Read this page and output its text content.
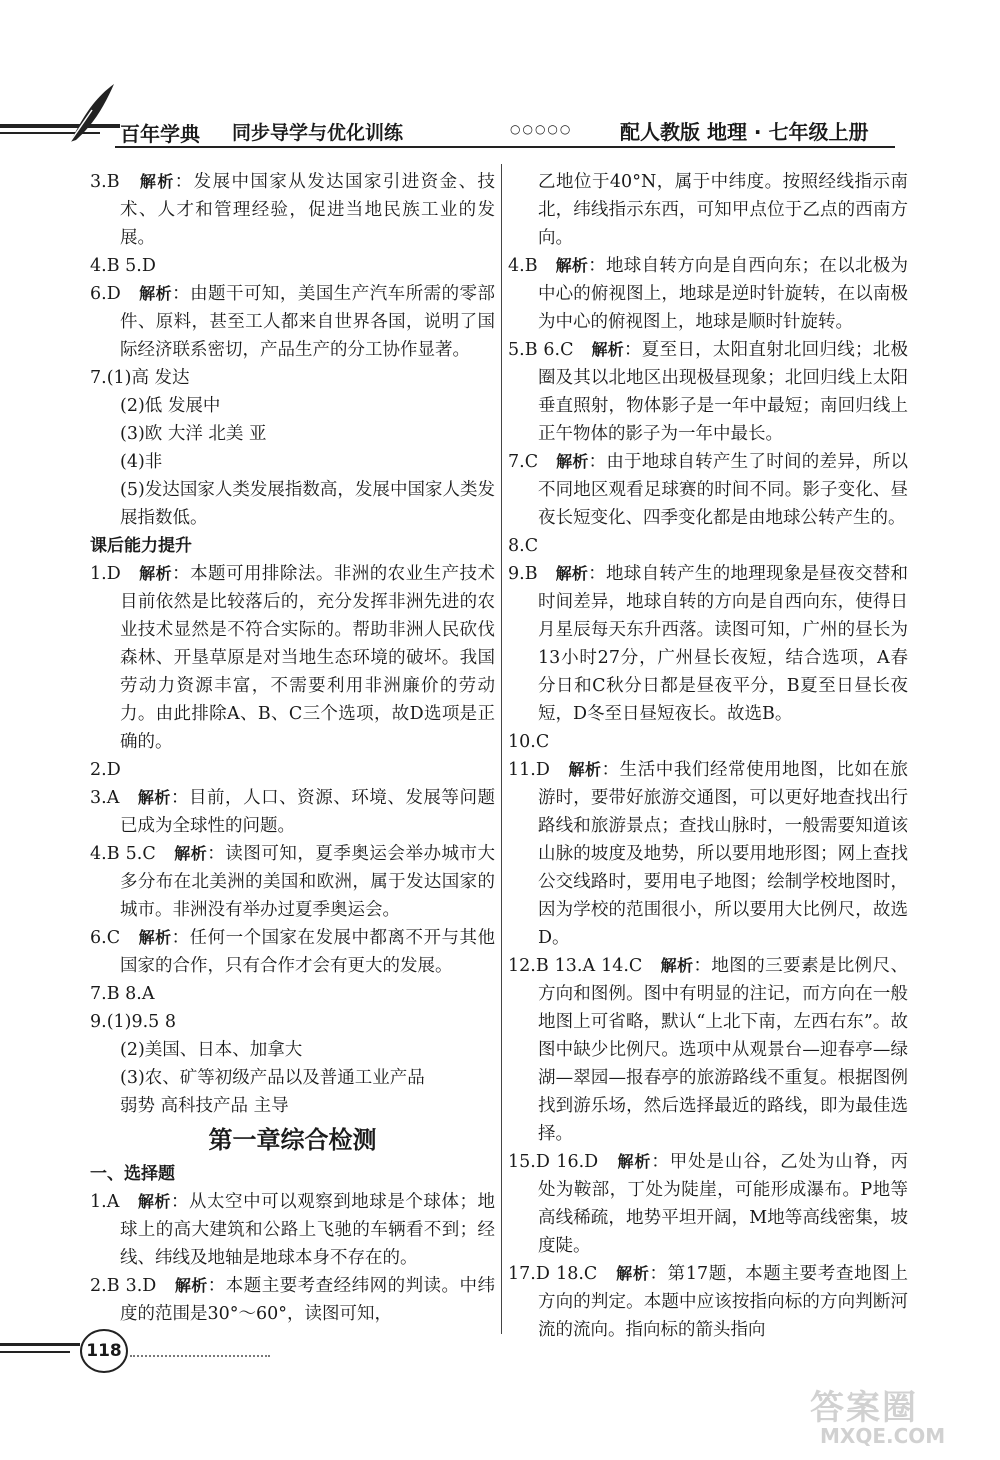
百年学典 同步导学与优化训练	○○○○○ 配人教版 地理 · 七年级上册

3.B　 解析：发展中国家从发达国家引进资金、技术、人才和管理经验，促进当地民族工业的发展。

4.B 5.D

6.D　 解析：由题干可知，美国生产汽车所需的零部件、原料，甚至工人都来自世界各国，说明了国际经济联系密切，产品生产的分工协作显著。

7.(1)高 发达

(2)低 发展中

(3)欧 大洋 北美 亚

(4)非

(5)发达国家人类发展指数高，发展中国家人类发展指数低。

课后能力提升

1.D　 解析：本题可用排除法。非洲的农业生产技术目前依然是比较落后的，充分发挥非洲先进的农业技术显然是不符合实际的。帮助非洲人民砍伐森林、开垦草原是对当地生态环境的破坏。我国劳动力资源丰富，不需要利用非洲廉价的劳动力。由此排除A、B、C三个选项，故D选项是正确的。

2.D

3.A　 解析：目前，人口、资源、环境、发展等问题已成为全球性的问题。

4.B 5.C　 解析：读图可知，夏季奥运会举办城市大多分布在北美洲的美国和欧洲，属于发达国家的城市。非洲没有举办过夏季奥运会。

6.C　 解析：任何一个国家在发展中都离不开与其他国家的合作，只有合作才会有更大的发展。

7.B 8.A

9.(1)9.5 8

(2)美国、日本、加拿大

(3)农、矿等初级产品以及普通工业产品

弱势 高科技产品 主导

第一章综合检测

一、选择题

1.A　 解析：从太空中可以观察到地球是个球体；地球上的高大建筑和公路上飞驰的车辆看不到；经线、纬线及地轴是地球本身不存在的。

2.B 3.D　 解析：本题主要考查经纬网的判读。中纬度的范围是30°～60°，读图可知，

乙地位于40°N，属于中纬度。按照经线指示南北，纬线指示东西，可知甲点位于乙点的西南方向。

4.B　 解析：地球自转方向是自西向东；在以北极为中心的俯视图上，地球是逆时针旋转，在以南极为中心的俯视图上，地球是顺时针旋转。

5.B 6.C　 解析：夏至日，太阳直射北回归线；北极圈及其以北地区出现极昼现象；北回归线上太阳垂直照射，物体影子是一年中最短；南回归线上正午物体的影子为一年中最长。

7.C　 解析：由于地球自转产生了时间的差异，所以不同地区观看足球赛的时间不同。影子变化、昼夜长短变化、四季变化都是由地球公转产生的。

8.C

9.B　 解析：地球自转产生的地理现象是昼夜交替和时间差异，地球自转的方向是自西向东，使得日月星辰每天东升西落。读图可知，广州的昼长为13小时27分，广州昼长夜短，结合选项，A春分日和C秋分日都是昼夜平分，B夏至日昼长夜短，D冬至日昼短夜长。故选B。

10.C

11.D　 解析：生活中我们经常使用地图，比如在旅游时，要带好旅游交通图，可以更好地查找出行路线和旅游景点；查找山脉时，一般需要知道该山脉的坡度及地势，所以要用地形图；网上查找公交线路时，要用电子地图；绘制学校地图时，因为学校的范围很小，所以要用大比例尺，故选D。

12.B 13.A 14.C　 解析：地图的三要素是比例尺、方向和图例。图中有明显的注记，而方向在一般地图上可省略，默认“上北下南，左西右东”。故图中缺少比例尺。选项中从观景台—迎春亭—绿湖—翠园—报春亭的旅游路线不重复。根据图例找到游乐场，然后选择最近的路线，即为最佳选择。

15.D 16.D　 解析：甲处是山谷，乙处为山脊，丙处为鞍部，丁处为陡崖，可能形成瀑布。P地等高线稀疏，地势平坦开阔，M地等高线密集，坡度陡。

17.D 18.C　 解析：第17题，本题主要考查地图上方向的判定。本题中应该按指向标的方向判断河流的流向。指向标的箭头指向

118
答案圈
MXQE.COM
